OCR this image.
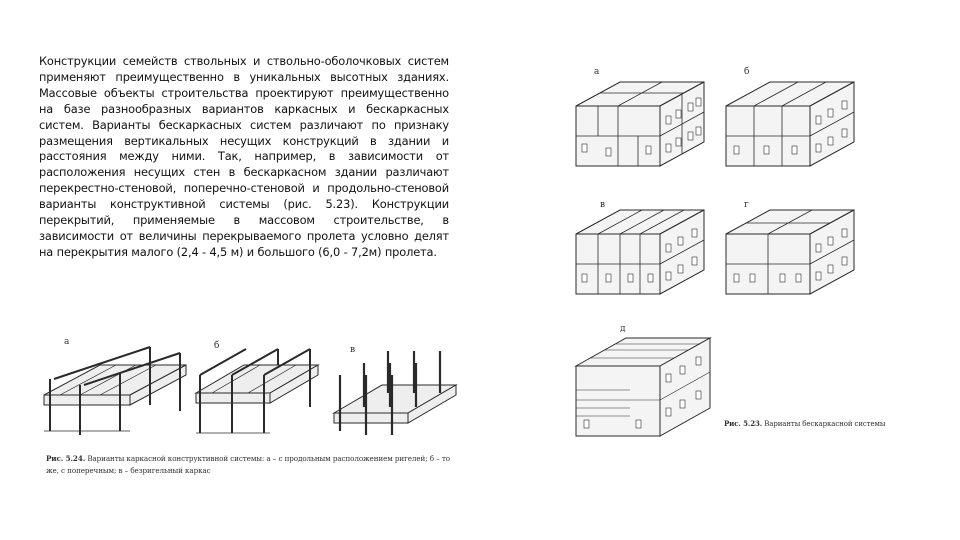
Конструкции семейств ствольных и ствольно-оболочковых систем применяют преимущественно в уникальных высотных зданиях. Массовые объекты строительства проектируют преимущественно на базе разнообразных вариантов каркасных и бескаркасных систем. Варианты бескаркасных систем различают по признаку размещения вертикальных несущих конструкций в здании и расстояния между ними. Так, например, в зависимости от расположения несущих стен в бескаркасном здании различают перекрестно-стеновой, поперечно-стеновой и продольно-стеновой варианты конструктивной системы (рис. 5.23). Конструкции перекрытий, применяемые в массовом строительстве, в зависимости от величины перекрываемого пролета условно делят на перекрытия малого (2,4 - 4,5 м) и большого (6,0 - 7,2м) пролета.
а	б
в	г
д
Рис. 5.23. Варианты бескаркасной системы
а	б	в
Рис. 5.24. Варианты каркасной конструктивной системы: а – с продольным расположением ригелей; б – то же, с поперечным; в – безригельный каркас
